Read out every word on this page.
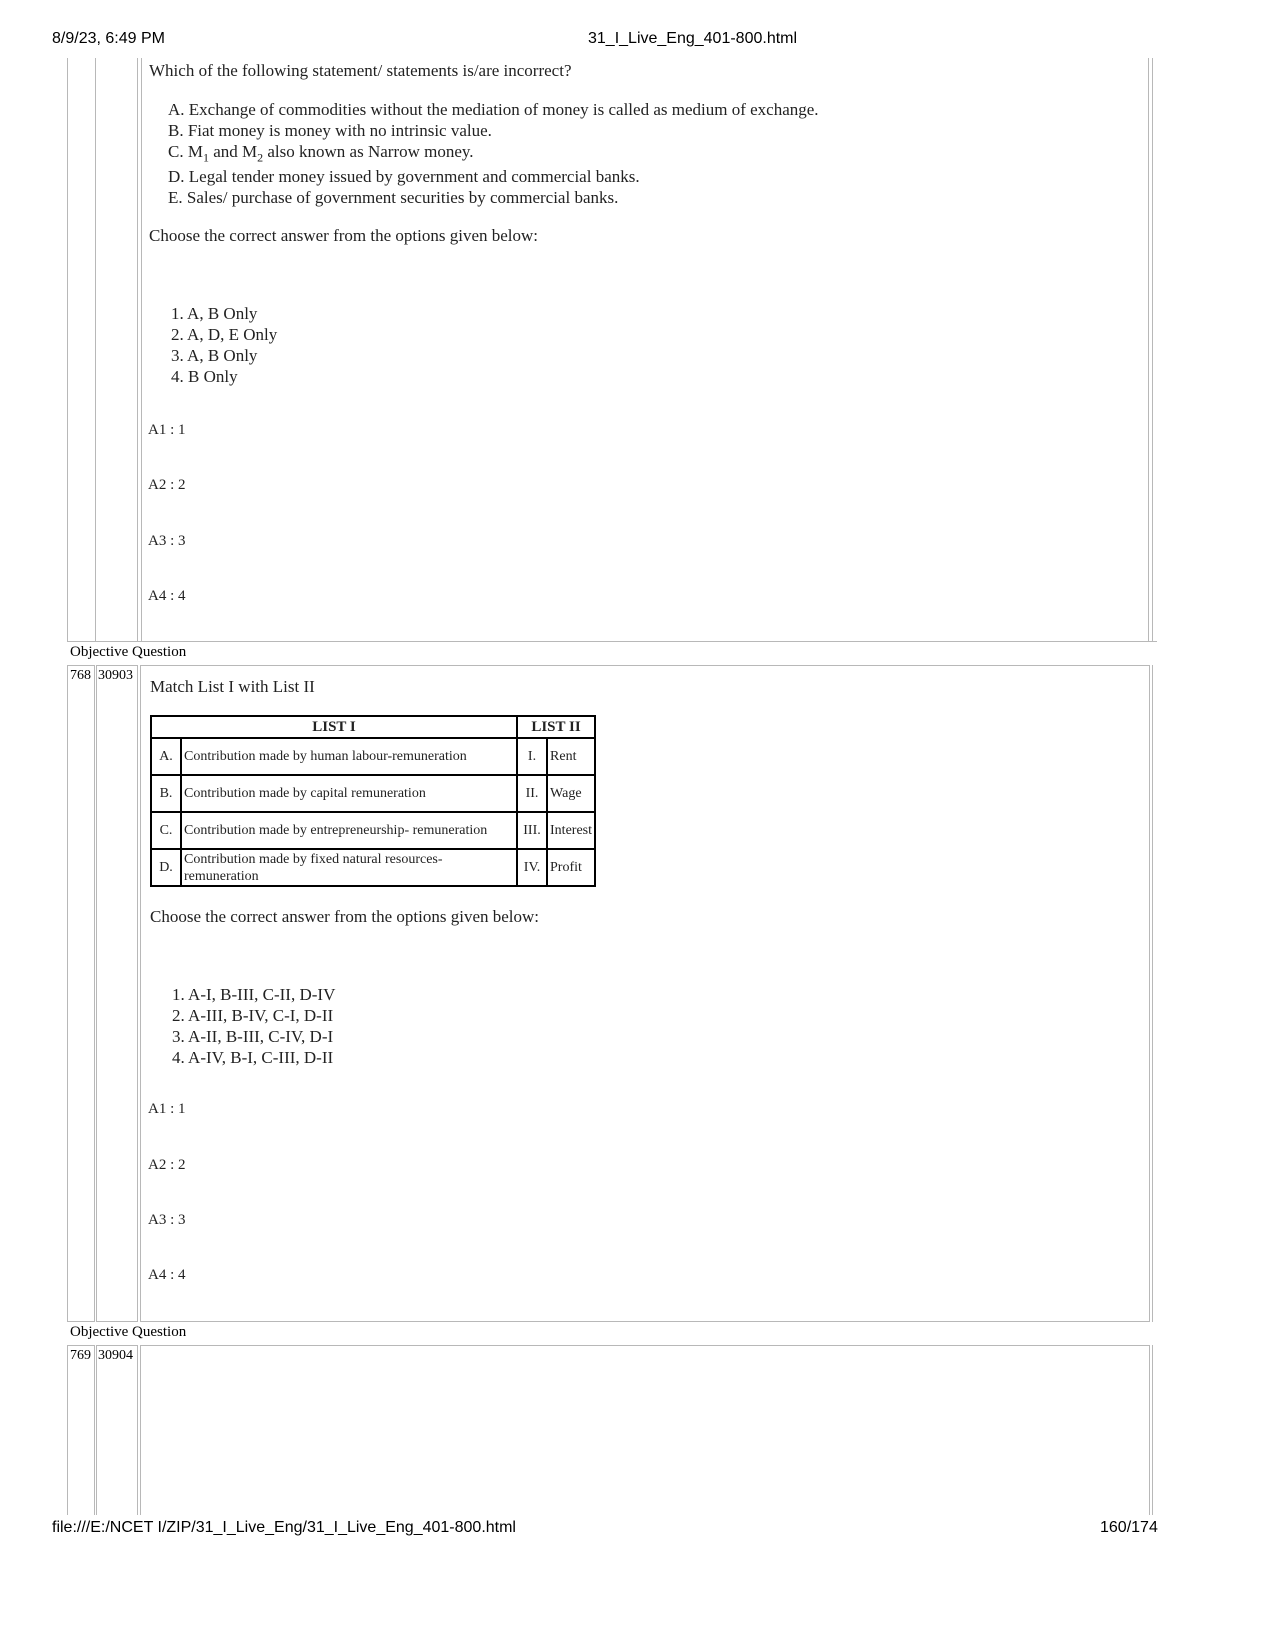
8/9/23, 6:49 PM	31_I_Live_Eng_401-800.html
Which of the following statement/ statements is/are incorrect?
A. Exchange of commodities without the mediation of money is called as medium of exchange.
B. Fiat money is money with no intrinsic value.
C. $M_1$ and $M_2$ also known as Narrow money.
D. Legal tender money issued by government and commercial banks.
E. Sales/ purchase of government securities by commercial banks.
Choose the correct answer from the options given below:
1. A, B Only
2. A, D, E Only
3. A, B Only
4. B Only
A1 : 1
A2 : 2
A3 : 3
A4 : 4
Objective Question
768 30903
Match List I with List II
LIST I		LIST II	
A.	Contribution made by human labour-remuneration	I.	Rent
B.	Contribution made by capital remuneration	II.	Wage
C.	Contribution made by entrepreneurship- remuneration	III.	Interest
D.	Contribution made by fixed natural resources- remuneration	IV.	Profit
Choose the correct answer from the options given below:
1. A-I, B-III, C-II, D-IV
2. A-III, B-IV, C-I, D-II
3. A-II, B-III, C-IV, D-I
4. A-IV, B-I, C-III, D-II
A1 : 1
A2 : 2
A3 : 3
A4 : 4
Objective Question
769 30904
file:///E:/NCET I/ZIP/31_I_Live_Eng/31_I_Live_Eng_401-800.html	160/174
